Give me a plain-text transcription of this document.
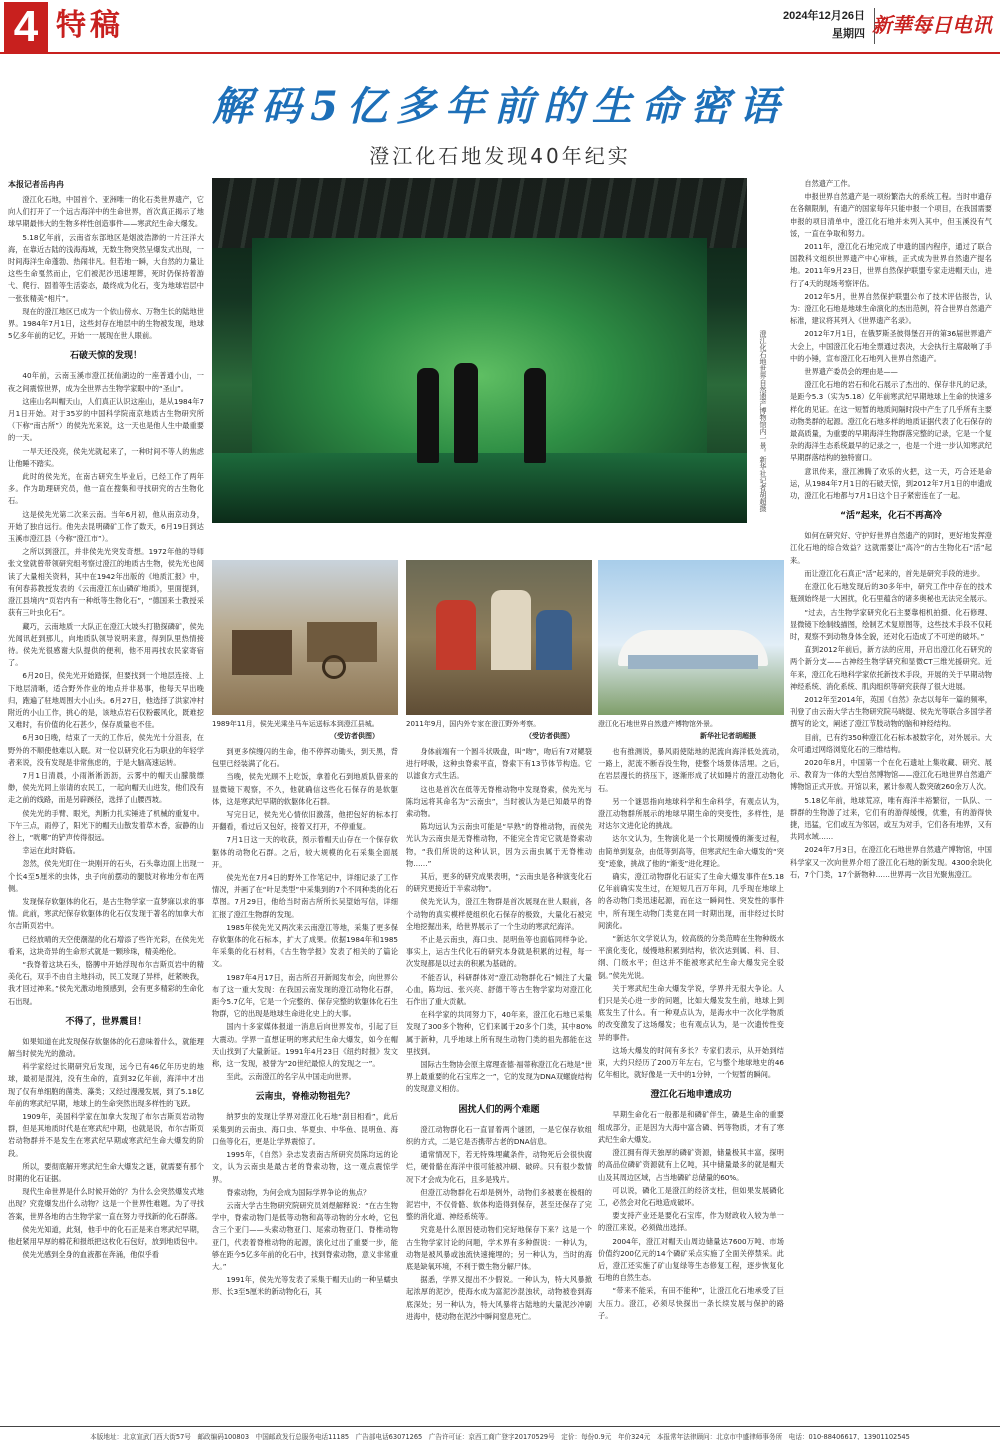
4 特稿	2024年12月26日
星期四 新華每日电讯
解码5亿多年前的生命密语
澄江化石地发现40年纪实
本报记者岳冉冉

澄江化石地，中国首个、亚洲唯一的化石类世界遗产，它向人们打开了一个远古海洋中的生命世界，首次真正揭示了地球早期最伟大的生物多样性创造事件——寒武纪生命大爆发。

5.18亿年前，云南省东部地区是烟波浩渺的一片汪洋大海，在靠近古陆的浅海海域，无数生物突然呈爆发式出现，一时间海洋生命蓬勃、热闹非凡。但若地一瞬，大自然的力量让这些生命戛然而止，它们被泥沙迅速埋葬，死时仍保持着游弋、爬行、固着等生活姿态，最终成为化石，变为地球岩层中一张张精美“相片”。

现在的澄江地区已成为一个依山傍水、万物生长的陆地世界。1984年7月1日，这些封存在地层中的生物被发现，地球5亿多年前的记忆，开始一一展现在世人眼前。

石破天惊的发现！

40年前，云南玉溪市澄江抚仙湖边的一座普通小山，一夜之间震惊世界，成为全世界古生物学家眼中的“圣山”。

这座山名叫帽天山，人们真正认识这座山，是从1984年7月1日开始。对于35岁的中国科学院南京地质古生物研究所（下称“南古所”）的侯先光来说，这一天也是他人生中最重要的一天。

一旱天还没亮，侯先光就起来了，一种时间不等人的焦虑让他睡不踏实。

此时的侯先光，在南古研究生毕业后，已经工作了两年多。作为助理研究员，他一直在搜集和寻找研究的古生物化石。

这是侯先光第二次来云南。当年6月初，他从南京动身，开始了独自远行。他先去昆明磷矿工作了数天，6月19日到达玉溪市澄江县（今称“澄江市”）。

之所以到澄江，并非侯先光突发奇想。1972年他的导师张文堂就曾带领研究组考察过澄江的地质古生物，侯先光也阅读了大量相关资料，其中在1942年出版的《地质汇报》中，有何春荪教授发表的《云南澄江东山磷矿地质》，里面提到，澄江县境内“页岩内有一种纸等生物化石”，“德国来士教授采获有三叶虫化石”。

藏巧，云南地质一大队正在澄江大坡头打勘探磷矿，侯先光闻讯赶到那儿，向地质队领导说明来意，得到队里热情接待。侯先光很感谢大队提供的便利，他不用再找农民家寄宿了。

6月20日，侯先光开始踏探，但要找到一个地层连接、上下地层清晰，适合野外作业的地点并非易事，他每天早出晚归，跑遍了驻地周围大小山头。6月27日，他选择了洪家冲村附近的小山工作，挑心的是，该地点岩石仅粉霰风化，既难挖又难时，有价值的化石甚少，保存质量也不佳。

6月30日晚，结束了一天的工作后，侯先光十分沮丧，在野外的不顺使他难以入眠。对一位以研究化石为职业的年轻学者来说，没有发现是非常焦虑的，于是大脑高速运转。

7月1日清晨，小雨淅淅沥沥，云雾中的帽天山朦胧缥缈，侯先光同上崇请的农民工，一起向帽天山进发，他们没有走之前的线路，而是另辟蹊径，选择了山腰西坡。

侯先光的手臂、眼光，判断力扎实锤进了机械的重复中。下午三点，雨停了，阳光下的帽天山散发着草木香，寂静的山谷上，“咣啷”的铲声传得很远。

幸运在此时降临。

忽然，侯先光盯住一块刚开的石头，石头靠边面上出现一个长4至5厘米的虫体，虫子向前摆动的腿肢对称地分布在两侧。

发现保存软躯体的化石，是古生物学家一直梦寐以求的事情。此前，寒武纪保存软躯体的化石仅发现于著名的加拿大布尔吉斯页岩中。

已经放晴的天空使潮湿的化石增添了些许光彩，在侯先光看来，这块奇异的生命形式就是一颗珍珠，精美绝伦。

“我脊着这块石头，胳膊中开始浮现布尔吉斯页岩中的精美化石，双手不由自主地抖动，民工发现了异样，赶紧映我，我才回过神来。”侯先光激动地预感到，会有更多精彩的生命化石出现。

不得了，世界震目！

如果知道在此发现保存软躯体的化石意味着什么，就能理解当时侯先光的激动。

科学家经过长期研究后发现，远今已有46亿年历史的地球，最初是混沌，没有生命的，直到32亿年前，海洋中才出现了仅有单细胞的菌类、藻类；又经过漫漫发展，到了5.18亿年前的寒武纪早期，地球上的生命突然出现多样性的飞跃。

1909年，美国科学家在加拿大发现了布尔吉斯页岩动物群，但是其地质时代是在寒武纪中期，也就是说，布尔吉斯页岩动物群并不是发生在寒武纪早期或寒武纪生命大爆发的阶段。

所以，要彻底解开寒武纪生命大爆发之谜，就需要有那个时期的化石证据。

现代生命世界是什么时候开始的？为什么会突然爆发式地出现？究竟爆发出什么动物？这是一个世界性难题。为了寻找答案，世界各地的古生物学家一直在努力寻找新的化石群落。

侯先光知道，此刻，他手中的化石正是来自寒武纪早期，他赶紧用早厚的棉花和报纸把这枚化石包好，放到地质包中。

侯先光感到全身的血液都在奔涌，他似乎看

澄江化石地世界自然遗产博物馆内一景。新华社记者胡超摄

自然遗产工作。

申报世界自然遗产是一项纷繁浩大的系统工程。当时申遗存在各额限制，有遗产的国家每年只能申报一个项目，在我国需要申报的项目清单中，澄江化石地并未列入其中，但玉溪没有气馁，一直在争取和努力。

2011年，澄江化石地完成了申遗的国内程序，通过了联合国教科文组织世界遗产中心审核，正式成为世界自然遗产提名地。2011年9月23日，世界自然保护联盟专家走进帽天山，进行了4天的现场考察评估。

2012年5月，世界自然保护联盟公布了技术评估报告，认为：澄江化石地是地球生命演化的杰出范例，符合世界自然遗产标准，建议将其列入《世界遗产名录》。

2012年7月1日，在俄罗斯圣彼得堡召开的第36届世界遗产大会上，中国澄江化石地全票通过表决，大会执行主席敲响了手中的小锤，宣布澄江化石地列入世界自然遗产。

世界遗产委员会的理由是——

澄江化石地的岩石和化石展示了杰出的、保存非凡的记录，是距今5.3（实为5.18）亿年前寒武纪早期地球上生命的快速多样化的见证。在这一短暂的地质间隔时段中产生了几乎所有主要动物类群的起源。澄江化石地多样的地质证据代表了化石保存的最高质量，为重要的早期海洋生物群落完整的记录，它是一个复杂的海洋生态系统最早的记录之一，也是一个进一步认知寒武纪早期群落结构的独特窗口。

意讯传来，澄江沸腾了欢乐的火把，这一天，巧合还是命运，从1984年7月1日的石破天惊，到2012年7月1日的申遗成功，澄江化石地都与7月1日这个日子紧密连在了一起。

“活”起来，化石不再高冷

如何在研究好、守护好世界自然遗产的同时，更好地发挥澄江化石地的综合效益？这就需要让“高冷”的古生物化石“活”起来。

而让澄江化石真正“活”起来的，首先是研究手段的进步。

在澄江化石地发现后的30多年中，研究工作中存在的技术瓶颈始终是一大困扰，化石里蕴含的诸多奥秘也无法完全展示。

“过去，古生物学家研究化石主要靠相机拍摄、化石修理、显微镜下绘制线描图，绘制艺术复原图等，这些技术手段不仅耗时，观察不到动物身体全貌，还对化石造成了不可逆的破坏。”

直到2012年前后，新方法的应用，开启出澄江化石研究的两个新分支——古神经生物学研究和显微CT三维光援研究。近年来，澄江化石地科学家依托新技术手段，开展的关于早期动物神经系统、消化系统、肌肉组织等研究获得了很大进展。

2012年至2014年，英国《自然》杂志以每年一篇的频率，刊登了由云南大学古生物研究院马晓缇、侯先光等联合多国学者撰写的论文，阐述了澄江节肢动物的脑和神经结构。

目前，已有约350种澄江化石标本被数字化，对外展示。大众可通过网络浏览化石的三维结构。

2020年8月，中国第一个在化石遗址上集收藏、研究、展示、教育为一体的大型自然博物馆——澄江化石地世界自然遗产博物馆正式开放。开馆以来，累计参观人数突破260余万人次。

5.18亿年前，地球荒凉，唯有海洋丰裕繁衍，一队队、一群群的生物游了过来，它们有的游得缓慢，优雅，有的游得快捷，迅猛，它们或互为邻居，或互为对手，它们各有地界，又有共同水域……

2024年7月3日，在澄江化石地世界自然遗产博物馆，中国科学家又一次向世界介绍了澄江化石地的新发现。4300余块化石，7个门类，17个新物种……世界再一次目光聚焦澄江。

1989年11月，侯先光乘坐马车运送标本到澄江县城。
（受访者供图）
2011年9月，国内外专家在澄江野外考察。
（受访者供图）
澄江化石地世界自然遗产博物馆外景。
新华社记者胡超摄

到更多缤缦闪的生命，他不停挥动锄头，到天黑，背包里已经装满了化石。

当晚，侯先光顾不上吃饭，拿着化石到地质队借来的显微镜下观察，不久，他就确信这些化石保存的是软躯体，这是寒武纪早期的软躯体化石群。

写完日记，侯先光心情依旧激荡，他把包好的标本打开翻看，看过后又包好，接着又打开，不停重复。

7月1日这一天的收获，预示着帽天山存在一个保存软躯体的动物化石群。之后，较大规模的化石采集全面展开。

侯先光在7月4日的野外工作笔记中，详细记录了工作情况，并画了在“叶足类型”中采集到的7个不同种类的化石草图。7月29日，他给当时南古所所长吴望始写信，详细汇报了澄江生物群的发现。

1985年侯先光又两次来云南澄江等地，采集了更多保存软躯体的化石标本，扩大了成果。依据1984年和1985年采集的化石材料，《古生物学报》发表了相关的了篇论文。

1987年4月17日，南古所召开新闻发布会，向世界公布了这一重大发现：在我国云南发现的澄江动物化石群，距今5.7亿年，它是一个完整的、保存完整的软躯体化石生物群，它的出现是地球生命进化史上的大事。

国内十多家媒体报道一消息后向世界发布，引起了巨大震动。学界一直想证明的寒武纪生命大爆发，如今在帽天山找到了大量新证。1991年4月23日《纽约时报》发文称，这一发现，被誉为“20世纪最惊人的发现之一”。

至此，云南澄江的名字从中国走向世界。

云南虫，脊椎动物祖先？

纳罗虫的发现让学界对澄江化石地“刮目相看”，此后采集到的云南虫、海口虫、华夏虫、中华鱼、昆明鱼、海口鱼等化石，更是让学界震惊了。

1995年，《自然》杂志发表南古所研究员陈均远的论文，认为云南虫是最古老的脊索动物，这一观点震惊学界。

脊索动物，为何会成为国际学界争论的焦点？

云南大学古生物研究院研究员刘煜解释说：“在古生物学中，脊索动物门是低等动物和高等动物的分水岭，它包含三个亚门——头索动物亚门、尾索动物亚门、脊椎动物亚门，代表着脊椎动物的起源，演化过出了重要一步，能够在距今5亿多年前的化石中，找到脊索动物，意义非常重大。”

1991年，侯先光等发表了采集于帽天山的一种呈蠕虫形、长3至5厘米的新动物化石，其

身体前端有一个圆斗状吸盘，叫“吻”，吻后有7对鳃裂进行呼吸，这种虫脊索平直，脊索下有13节体节构造。它以滤食方式生活。

这也是首次在低等无脊椎动物中发现脊索，侯先光与陈均远将其命名为“云南虫”，当时被认为是已知最早的脊索动物。

陈均远认为云南虫可能是“早熟”的脊椎动物，而侯先光认为云南虫是无脊椎动物，不能完全肯定它就是脊索动物，“我们所说的这种认识，因为云南虫属于无脊椎动物……”

其后，更多的研究成果表明，“云南虫是各种演变化石的研究更接近于半索动物”。

侯先光认为，澄江生物群是首次展现在世人眼前，各个动物的真实模样使组织化石保存的极致，大量化石被完全地挖掘出来，给世界展示了一个生动的寒武纪海洋。

不止是云南虫，海口虫、昆明鱼等也面临同样争论。事实上，运古生代化石的研究本身就是积累的过程，每一次发现都是以过去的积累为基础的。

不能否认，科研群体对“澄江动物群化石”倾注了大量心血，陈均远、张兴亮、舒德干等古生物学家均对澄江化石作出了重大贡献。

在科学家的共同努力下，40年来，澄江化石地已采集发现了300多个物种，它们来属于20多个门类，其中80%属于新种，几乎地球上所有现生动物门类的祖先都能在这里找到。

国际古生物协会原主席理查德·福蒂称澄江化石地是“世界上最重要的化石宝库之一”，它的发现为DNA双螺旋结构的发现意义相仿。

困扰人们的两个难题

澄江动物群化石一直冒着两个谜团，一是它保存软组织的方式，二是它是否携带古老的DNA信息。

通常情况下，若无特殊埋藏条件，动物死后会很快腐烂，硬骨骼在海洋中很可能被冲刷、破碎。只有很少数情况下才会成为化石，且多是残片。

但澄江动物群化石却是例外，动物们多被裹在极细的泥岩中，不仅骨骼、软体构造得到保存，甚至还保存了完整的消化道、神经系统等。

究竟是什么原因使动物们完好地保存下来？这是一个古生物学家讨论的问题，学术界有多种假说：一种认为，动物是被风暴或浊流快速掩埋的；另一种认为，当时的海底是缺氧环境，不利于微生物分解尸体。

据悉，学界又提出不少假说。一种认为，特大风暴掀起浓厚的泥沙，使海水成为富泥沙混浊状，动物被卷到海底深处；另一种认为，特大风暴将古陆地的大量泥沙冲刷进海中，使动物在泥沙中瞬间窒息死亡。

也有推测说，暴风雨使陆地的泥流向海洋低处流动，一路上，泥流不断吞没生物，使整个场景体活埋。之后，在岩层漫长的挤压下，逐渐形成了状如睡片的澄江动物化石。

另一个谜思指向地球科学和生命科学，有观点认为，澄江动物群所展示的地球早期生命的突变性，多样性，是对达尔文进化论的挑战。

达尔文认为，生物演化是一个长期缓慢的渐变过程，由简单到复杂，由低等到高等，但寒武纪生命大爆发的“突变”迹象，挑战了他的“渐变”进化理论。

确实，澄江动物群化石证实了生命大爆发事件在5.18亿年前确实发生过，在短短几百万年间，几乎现在地球上的各动物门类迅速起源，而在这一瞬间性、突发性的事件中，所有现生动物门类竟在同一时期出现，而非经过长时间演化。

“新达尔文学说认为，较高级的分类范畴在生物种级水平演化变化，缓慢地积累到结构，依次达到属、科、目、纲、门级水平；但这并不能被寒武纪生命大爆发完全驳倒。”侯先光说。

关于寒武纪生命大爆发学说，学界并无很大争论。人们只是关心进一步的问题，比如大爆发发生前，地球上到底发生了什么。有一种观点认为，是海水中一次化学物质的改变激发了这场爆发；也有观点认为，是一次遗传性变异的事件。

这场大爆发的时间有多长？专家们表示，从开始到结束，大约只经历了200万年左右，它与整个地球地史的46亿年相比，就好像是一天中的1分钟，一个短暂的瞬间。

澄江化石地申遗成功

早期生命化石一般都是和磷矿伴生，磷是生命的重要组成部分，正是因为大海中富含磷、钙等物质，才有了寒武纪生命大爆发。

澄江拥有得天独厚的磷矿资源，储量极其丰富，探明的高品位磷矿资源就有上亿吨，其中储量最多的就是帽天山及其周边区域，占当地磷矿总储量的60%。

可以说，磷化工是澄江的经济支柱，但如果发展磷化工，必然会对化石地造成破坏。

要支持产业还是要化石宝库，作为财政收入较为单一的澄江来说，必须做出选择。

2004年，澄江对帽天山周边储量达7600万吨、市场价值约200亿元的14个磷矿采点实施了全面关停禁采。此后，澄江还实施了矿山复绿等生态修复工程，逐步恢复化石地的自然生态。

“带来不能采，有田不能种”，让澄江化石地承受了巨大压力。澄江，必须尽快探出一条长续发展与保护的路子。

本版地址：北京宣武门西大街57号　邮政编码100803　中国邮政发行总服务电话11185　广告部电话63071265　广告许可证：京西工商广登字20170529号　定价：每份0.9元　年价324元　本报常年法律顾问：北京市中盛律师事务所　电话：010-88406617、13901102545
